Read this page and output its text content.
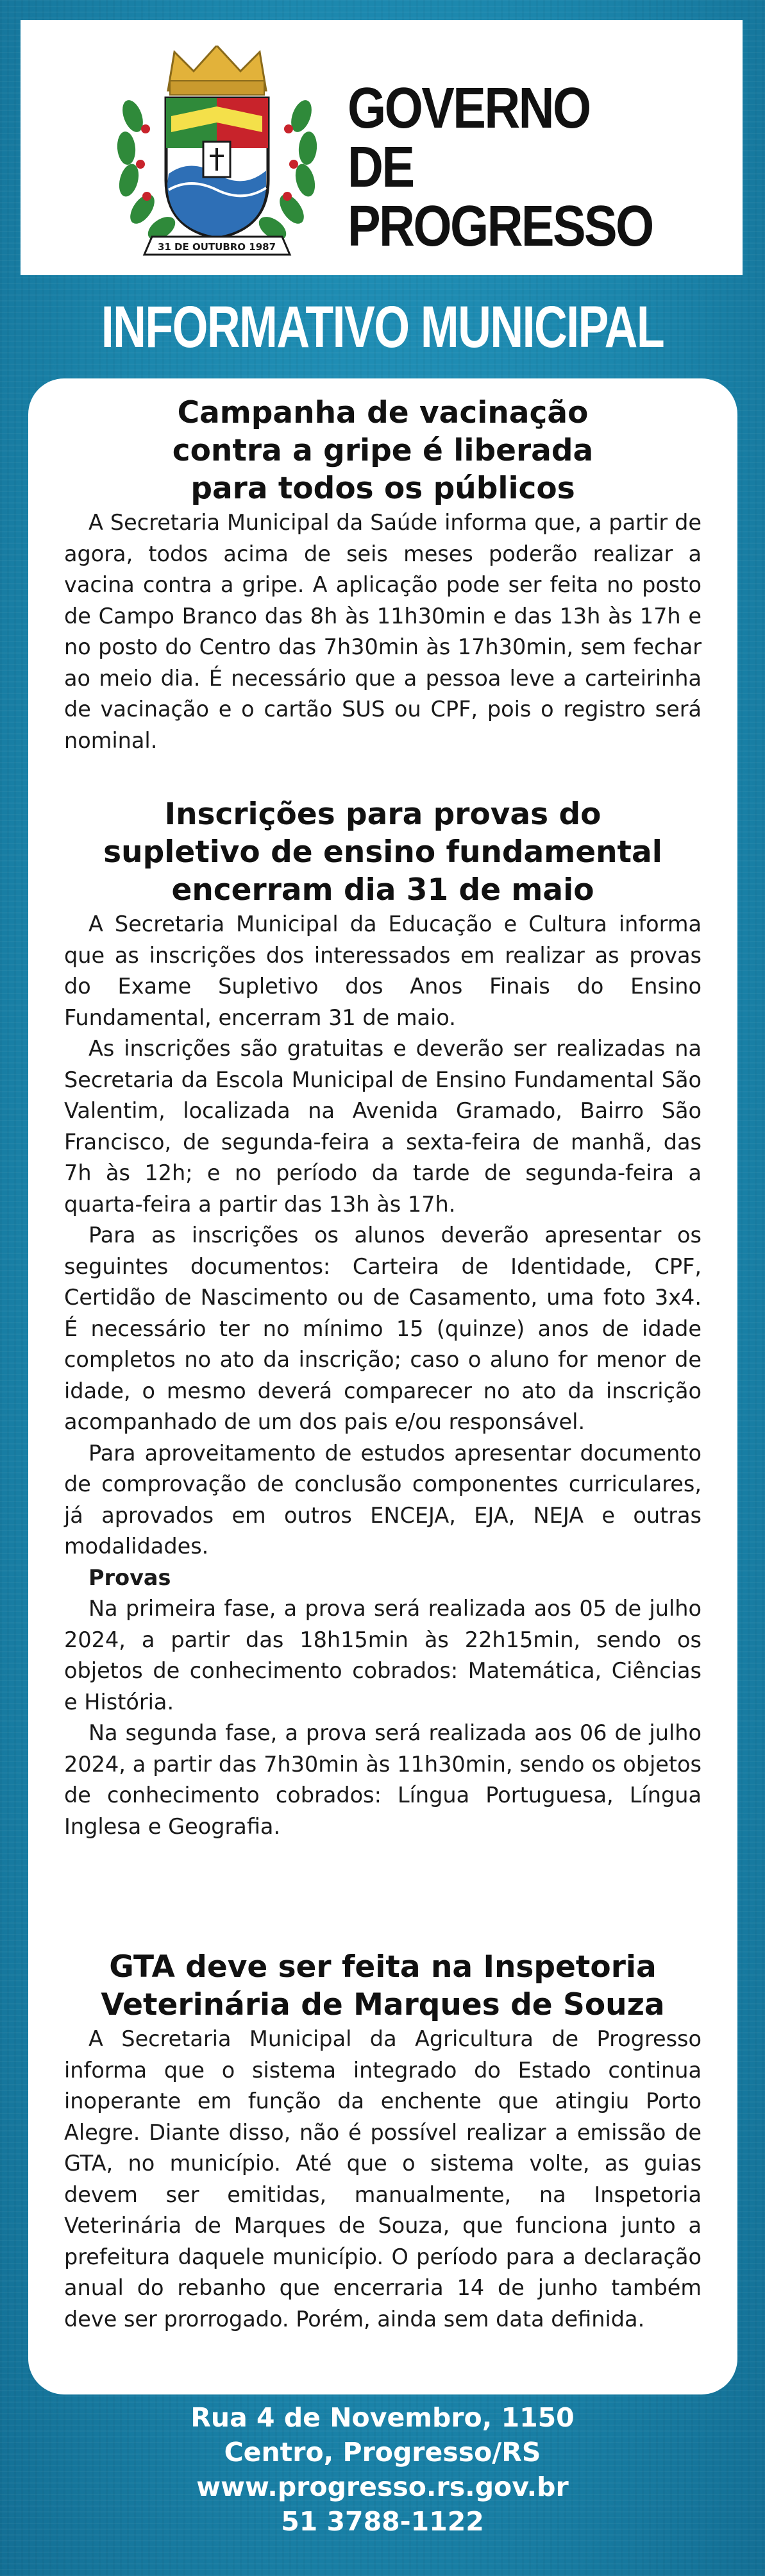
31 DE OUTUBRO 1987
GOVERNO
DE PROGRESSO
INFORMATIVO MUNICIPAL
Campanha de vacinação
contra a gripe é liberada
para todos os públicos

A Secretaria Municipal da Saúde informa que, a partir de agora, todos acima de seis meses poderão realizar a vacina contra a gripe. A aplicação pode ser feita no posto de Campo Branco das 8h às 11h30min e das 13h às 17h e no posto do Centro das 7h30min às 17h30min, sem fechar ao meio dia. É necessário que a pessoa leve a carteirinha de vacinação e o cartão SUS ou CPF, pois o registro será nominal.

Inscrições para provas do
supletivo de ensino fundamental
encerram dia 31 de maio

A Secretaria Municipal da Educação e Cultura informa que as inscrições dos interessados em realizar as provas do Exame Supletivo dos Anos Finais do Ensino Fundamental, encerram 31 de maio.

As inscrições são gratuitas e deverão ser realizadas na Secretaria da Escola Municipal de Ensino Fundamental São Valentim, localizada na Avenida Gramado, Bairro São Francisco, de segunda-feira a sexta-feira de manhã, das 7h às 12h; e no período da tarde de segunda-feira a quarta-feira a partir das 13h às 17h.

Para as inscrições os alunos deverão apresentar os seguintes documentos: Carteira de Identidade, CPF, Certidão de Nascimento ou de Casamento, uma foto 3x4. É necessário ter no mínimo 15 (quinze) anos de idade completos no ato da inscrição; caso o aluno for menor de idade, o mesmo deverá comparecer no ato da inscrição acompanhado de um dos pais e/ou responsável.

Para aproveitamento de estudos apresentar documento de comprovação de conclusão componentes curriculares, já aprovados em outros ENCEJA, EJA, NEJA e outras modalidades.

Provas

Na primeira fase, a prova será realizada aos 05 de julho 2024, a partir das 18h15min às 22h15min, sendo os objetos de conhecimento cobrados: Matemática, Ciências e História.

Na segunda fase, a prova será realizada aos 06 de julho 2024, a partir das 7h30min às 11h30min, sendo os objetos de conhecimento cobrados: Língua Portuguesa, Língua Inglesa e Geografia.

GTA deve ser feita na Inspetoria
Veterinária de Marques de Souza

A Secretaria Municipal da Agricultura de Progresso informa que o sistema integrado do Estado continua inoperante em função da enchente que atingiu Porto Alegre. Diante disso, não é possível realizar a emissão de GTA, no município. Até que o sistema volte, as guias devem ser emitidas, manualmente, na Inspetoria Veterinária de Marques de Souza, que funciona junto a prefeitura daquele município. O período para a declaração anual do rebanho que encerraria 14 de junho também deve ser prorrogado. Porém, ainda sem data definida.

Rua 4 de Novembro, 1150
Centro, Progresso/RS
www.progresso.rs.gov.br
51 3788-1122
